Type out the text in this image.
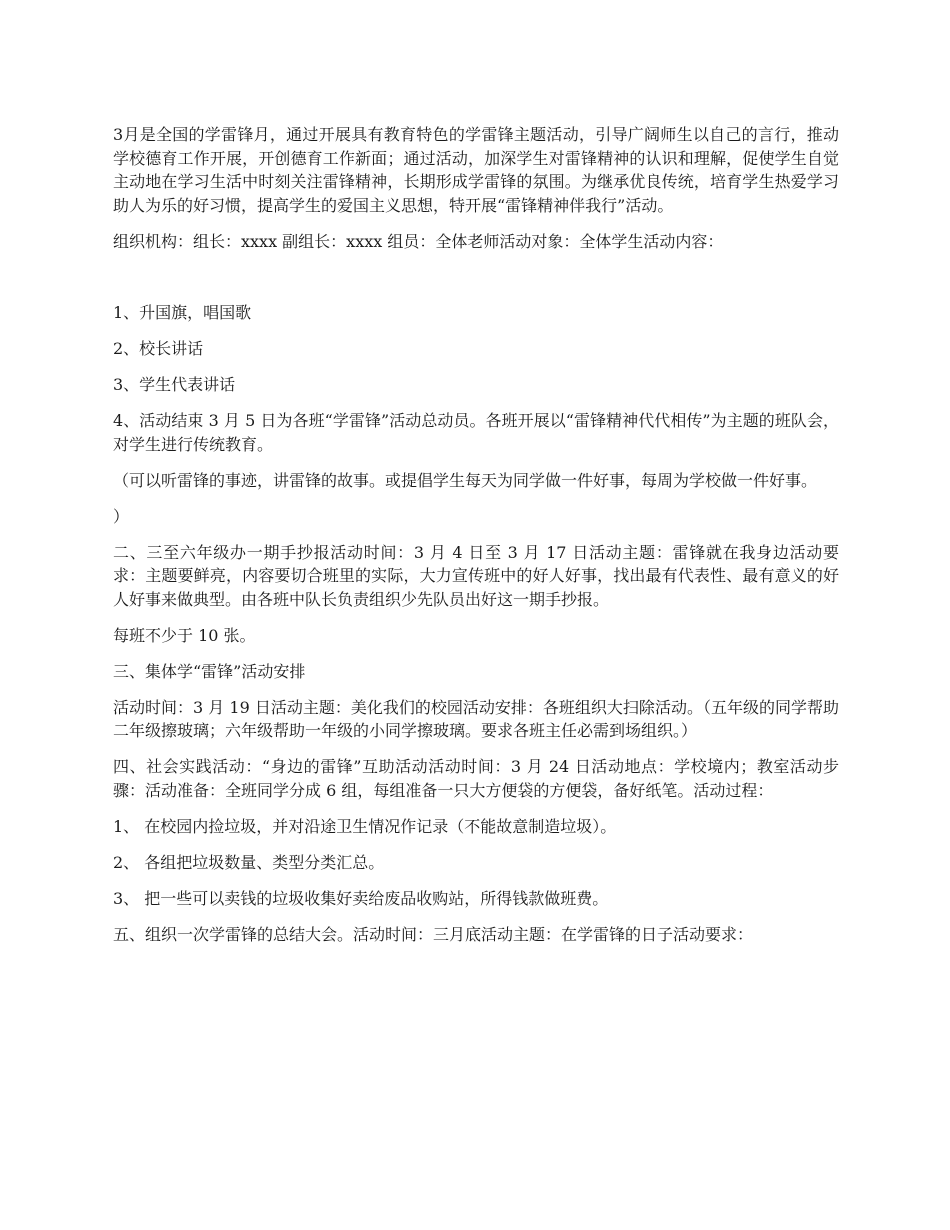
3月是全国的学雷锋月，通过开展具有教育特色的学雷锋主题活动，引导广阔师生以自己的言行，推动学校德育工作开展，开创德育工作新面；通过活动，加深学生对雷锋精神的认识和理解，促使学生自觉主动地在学习生活中时刻关注雷锋精神，长期形成学雷锋的氛围。为继承优良传统，培育学生热爱学习助人为乐的好习惯，提高学生的爱国主义思想，特开展“雷锋精神伴我行”活动。

组织机构：组长：xxxx 副组长：xxxx 组员：全体老师活动对象：全体学生活动内容：

1、升国旗，唱国歌

2、校长讲话

3、学生代表讲话

4、活动结束 3 月 5 日为各班“学雷锋”活动总动员。各班开展以“雷锋精神代代相传”为主题的班队会，对学生进行传统教育。

（可以听雷锋的事迹，讲雷锋的故事。或提倡学生每天为同学做一件好事，每周为学校做一件好事。

）

二、三至六年级办一期手抄报活动时间：3 月 4 日至 3 月 17 日活动主题：雷锋就在我身边活动要求：主题要鲜亮，内容要切合班里的实际，大力宣传班中的好人好事，找出最有代表性、最有意义的好人好事来做典型。由各班中队长负责组织少先队员出好这一期手抄报。

每班不少于 10 张。

三、集体学“雷锋”活动安排

活动时间：3 月 19 日活动主题：美化我们的校园活动安排：各班组织大扫除活动。（五年级的同学帮助二年级擦玻璃；六年级帮助一年级的小同学擦玻璃。要求各班主任必需到场组织。）

四、社会实践活动：“身边的雷锋”互助活动活动时间：3 月 24 日活动地点：学校境内；教室活动步骤：活动准备：全班同学分成 6 组，每组准备一只大方便袋的方便袋，备好纸笔。活动过程：

1、 在校园内捡垃圾，并对沿途卫生情况作记录（不能故意制造垃圾）。

2、 各组把垃圾数量、类型分类汇总。

3、 把一些可以卖钱的垃圾收集好卖给废品收购站，所得钱款做班费。

五、组织一次学雷锋的总结大会。活动时间：三月底活动主题：在学雷锋的日子活动要求：
